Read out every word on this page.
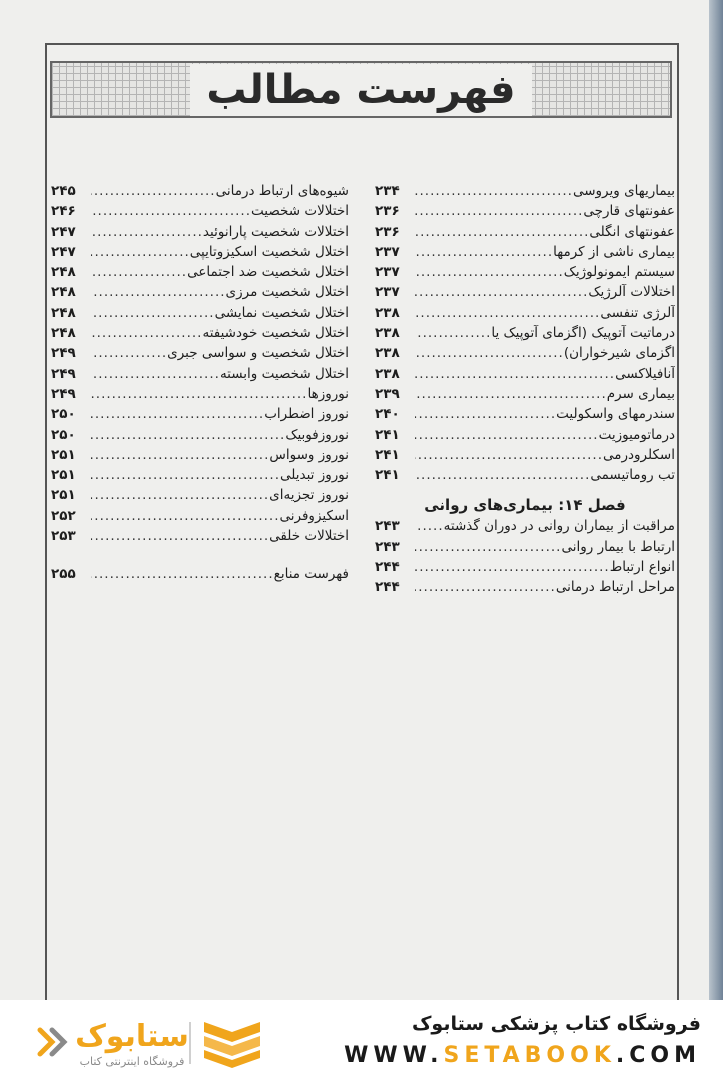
فهرست مطالب
بیماریهای ویروسی
.....
۲۳۴
عفونتهای قارچی
.....
۲۳۶
عفونتهای انگلی
.....
۲۳۶
بیماری ناشی از کرمها
.....
۲۳۷
سیستم ایمونولوژیک
.....
۲۳۷
اختلالات آلرژیک
.....
۲۳۷
آلرژی تنفسی
.....
۲۳۸
درماتیت آتوپیک (اگزمای آتوپیک یا
.....
۲۳۸
اگزمای شیرخواران)
.....
۲۳۸
آنافیلاکسی
.....
۲۳۸
بیماری سرم
.....
۲۳۹
سندرمهای واسکولیت
.....
۲۴۰
درماتومیوزیت
.....
۲۴۱
اسکلرودرمی
.....
۲۴۱
تب روماتیسمی
.....
۲۴۱
فصل ۱۴: بیماری‌های روانی
مراقبت از بیماران روانی در دوران گذشته
.....
۲۴۳
ارتباط با بیمار روانی
.....
۲۴۳
انواع ارتباط
.....
۲۴۴
مراحل ارتباط درمانی
.....
۲۴۴
شیوه‌های ارتباط درمانی
.....
۲۴۵
اختلالات شخصیت
.....
۲۴۶
اختلالات شخصیت پارانوئید
.....
۲۴۷
اختلال شخصیت اسکیزوتایپی
.....
۲۴۷
اختلال شخصیت ضد اجتماعی
.....
۲۴۸
اختلال شخصیت مرزی
.....
۲۴۸
اختلال شخصیت نمایشی
.....
۲۴۸
اختلال شخصیت خودشیفته
.....
۲۴۸
اختلال شخصیت و سواسی جبری
.....
۲۴۹
اختلال شخصیت وابسته
.....
۲۴۹
نوروزها
.....
۲۴۹
نوروز اضطراب
.....
۲۵۰
نوروزفوبیک
.....
۲۵۰
نوروز وسواس
.....
۲۵۱
نوروز تبدیلی
.....
۲۵۱
نوروز تجزیه‌ای
.....
۲۵۱
اسکیزوفرنی
.....
۲۵۲
اختلالات خلقی
.....
۲۵۳
فهرست منابع
.....
۲۵۵
ستابوک
فروشگاه اینترنتی کتاب
فروشگاه کتاب پزشکی ستابوک
WWW.SETABOOK.COM
